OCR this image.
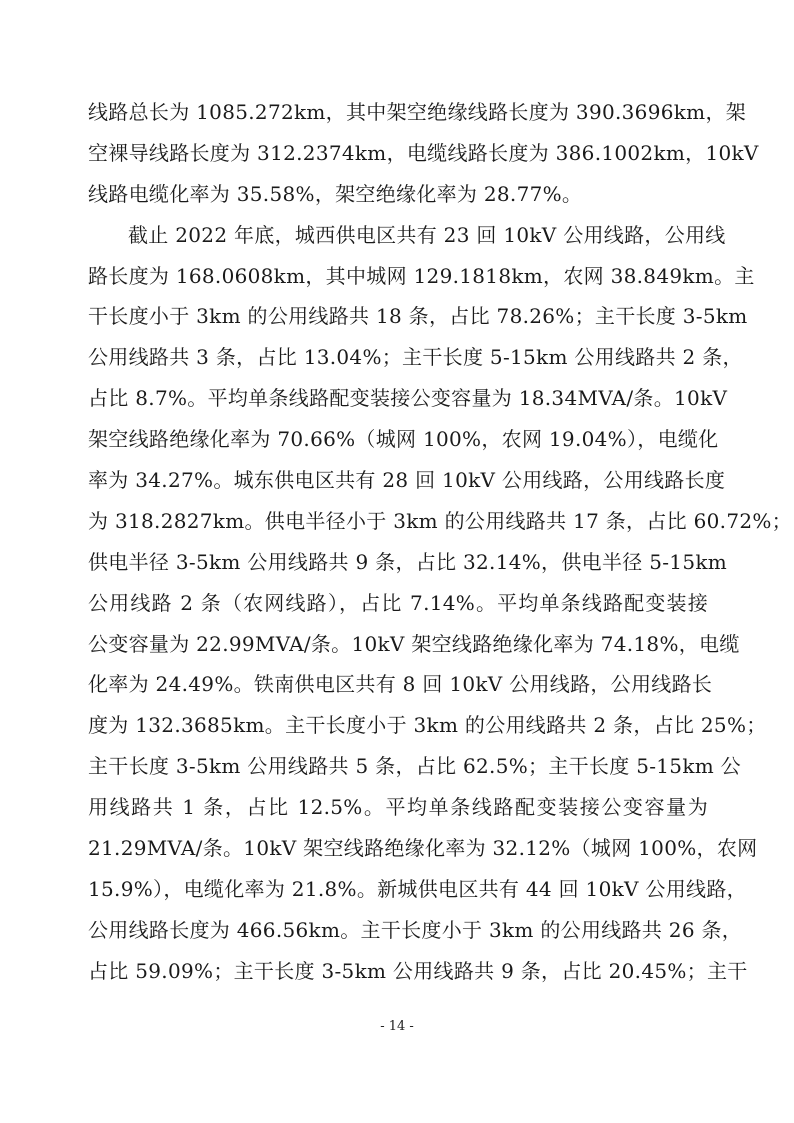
线路总长为 1085.272km，其中架空绝缘线路长度为 390.3696km，架
空裸导线路长度为 312.2374km，电缆线路长度为 386.1002km，10kV
线路电缆化率为 35.58%，架空绝缘化率为 28.77%。
截止 2022 年底，城西供电区共有 23 回 10kV 公用线路，公用线
路长度为 168.0608km，其中城网 129.1818km，农网 38.849km。主
干长度小于 3km 的公用线路共 18 条，占比 78.26%；主干长度 3-5km
公用线路共 3 条，占比 13.04%；主干长度 5-15km 公用线路共 2 条，
占比 8.7%。平均单条线路配变装接公变容量为 18.34MVA/条。10kV
架空线路绝缘化率为 70.66%（城网 100%，农网 19.04%），电缆化
率为 34.27%。城东供电区共有 28 回 10kV 公用线路，公用线路长度
为 318.2827km。供电半径小于 3km 的公用线路共 17 条，占比 60.72%；
供电半径 3-5km 公用线路共 9 条，占比 32.14%，供电半径 5-15km
公用线路 2 条（农网线路），占比 7.14%。平均单条线路配变装接
公变容量为 22.99MVA/条。10kV 架空线路绝缘化率为 74.18%，电缆
化率为 24.49%。铁南供电区共有 8 回 10kV 公用线路，公用线路长
度为 132.3685km。主干长度小于 3km 的公用线路共 2 条，占比 25%；
主干长度 3-5km 公用线路共 5 条，占比 62.5%；主干长度 5-15km 公
用线路共 1 条，占比 12.5%。平均单条线路配变装接公变容量为
21.29MVA/条。10kV 架空线路绝缘化率为 32.12%（城网 100%，农网
15.9%），电缆化率为 21.8%。新城供电区共有 44 回 10kV 公用线路，
公用线路长度为 466.56km。主干长度小于 3km 的公用线路共 26 条，
占比 59.09%；主干长度 3-5km 公用线路共 9 条，占比 20.45%；主干
- 14 -
